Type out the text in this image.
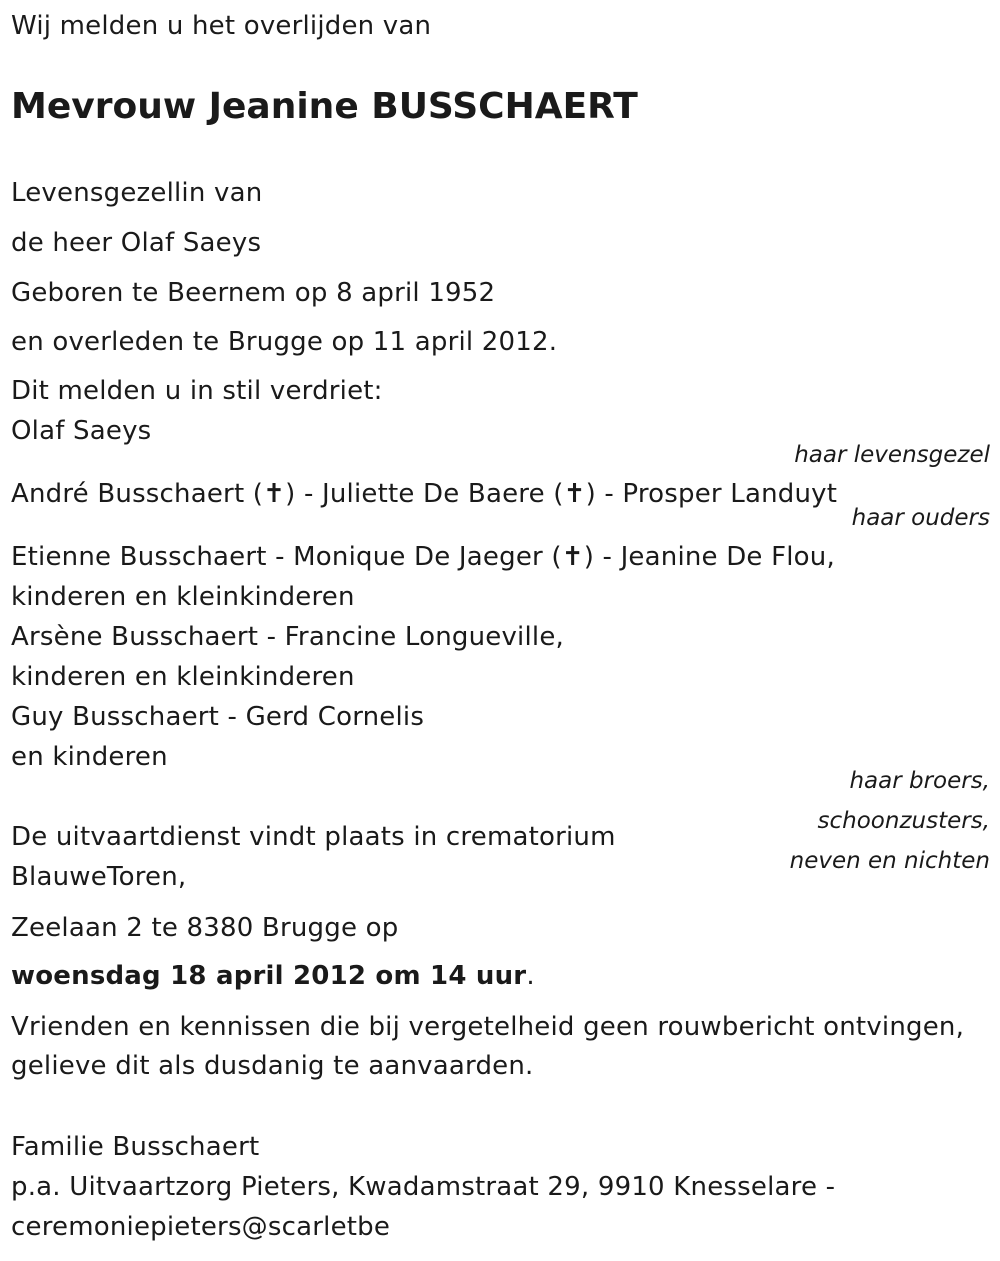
Wij melden u het overlijden van
Mevrouw Jeanine BUSSCHAERT
Levensgezellin van
de heer Olaf Saeys
Geboren te Beernem op 8 april 1952
en overleden te Brugge op 11 april 2012.
Dit melden u in stil verdriet:
Olaf Saeys
haar levensgezel
André Busschaert (✝) - Juliette De Baere (✝) - Prosper Landuyt
haar ouders
Etienne Busschaert - Monique De Jaeger (✝) - Jeanine De Flou,
kinderen en kleinkinderen
Arsène Busschaert - Francine Longueville,
kinderen en kleinkinderen
Guy Busschaert - Gerd Cornelis
en kinderen
haar broers,
schoonzusters,
neven en nichten
De uitvaartdienst vindt plaats in crematorium
BlauweToren,
Zeelaan 2 te 8380 Brugge op
woensdag 18 april 2012 om 14 uur.
Vrienden en kennissen die bij vergetelheid geen rouwbericht ontvingen,
gelieve dit als dusdanig te aanvaarden.
Familie Busschaert
p.a. Uitvaartzorg Pieters, Kwadamstraat 29, 9910 Knesselare -
ceremoniepieters@scarletbe
